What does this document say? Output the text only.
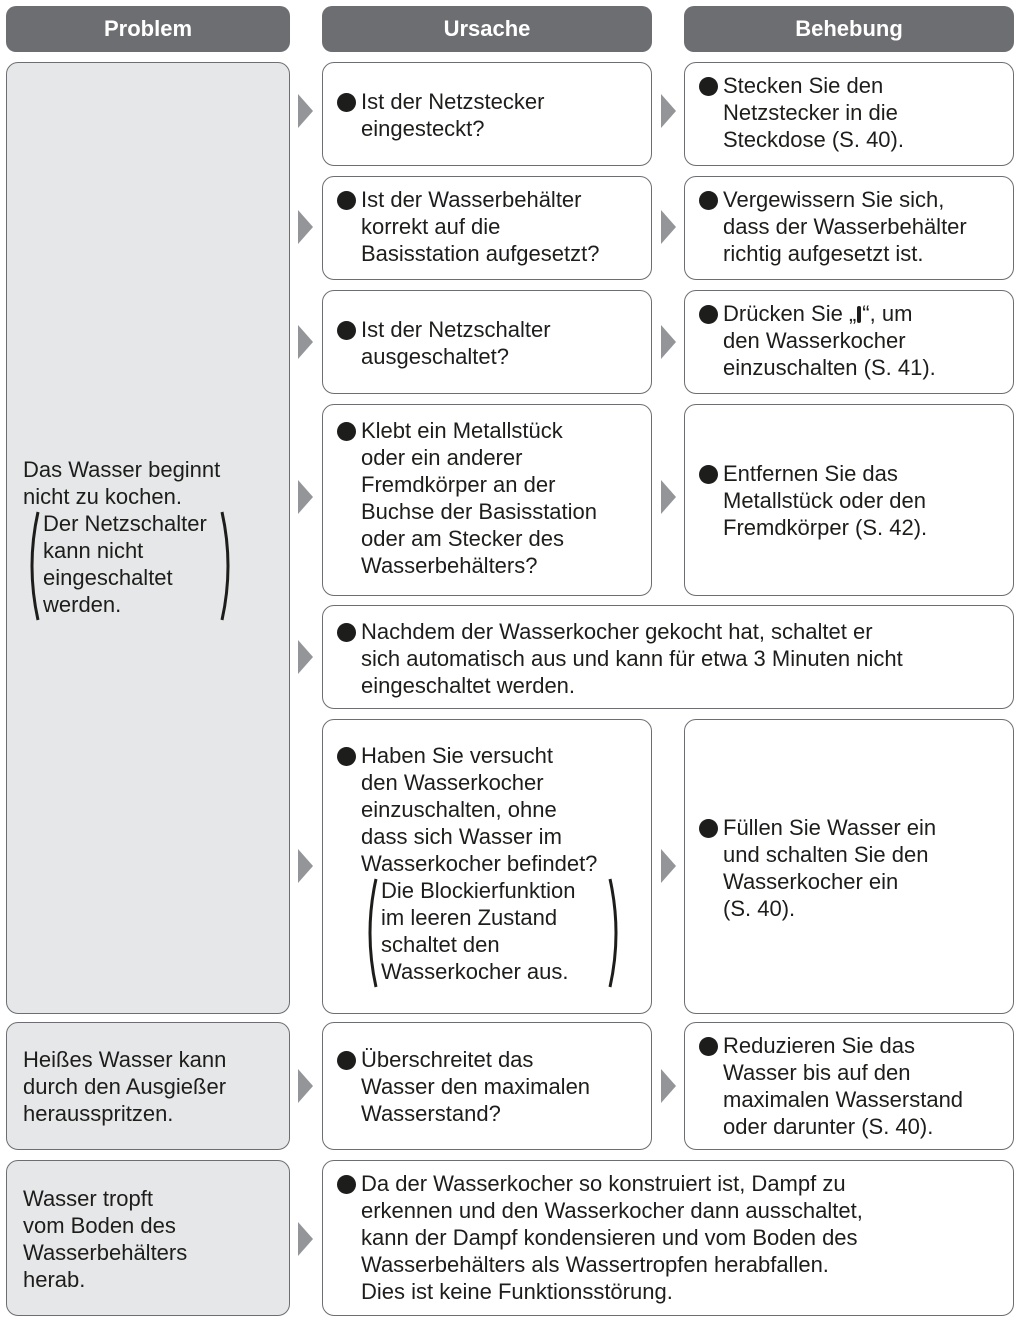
Problem	Ursache	Behebung
Das Wasser beginnt
nicht zu kochen.
Der Netzschalter
kann nicht
eingeschaltet
werden.
Heißes Wasser kann
durch den Ausgießer
herausspritzen.
Wasser tropft
vom Boden des
Wasserbehälters
herab.
Ist der Netzstecker
eingesteckt?
Stecken Sie den
Netzstecker in die
Steckdose (S. 40).
Ist der Wasserbehälter
korrekt auf die
Basisstation aufgesetzt?
Vergewissern Sie sich,
dass der Wasserbehälter
richtig aufgesetzt ist.
Ist der Netzschalter
ausgeschaltet?
Drücken Sie „ “, um
den Wasserkocher
einzuschalten (S. 41).
Klebt ein Metallstück
oder ein anderer
Fremdkörper an der
Buchse der Basisstation
oder am Stecker des
Wasserbehälters?
Entfernen Sie das
Metallstück oder den
Fremdkörper (S. 42).
Nachdem der Wasserkocher gekocht hat, schaltet er
sich automatisch aus und kann für etwa 3 Minuten nicht
eingeschaltet werden.
Haben Sie versucht
den Wasserkocher
einzuschalten, ohne
dass sich Wasser im
Wasserkocher befindet?
Die Blockierfunktion
im leeren Zustand
schaltet den
Wasserkocher aus.
Füllen Sie Wasser ein
und schalten Sie den
Wasserkocher ein
(S. 40).
Überschreitet das
Wasser den maximalen
Wasserstand?
Reduzieren Sie das
Wasser bis auf den
maximalen Wasserstand
oder darunter (S. 40).
Da der Wasserkocher so konstruiert ist, Dampf zu
erkennen und den Wasserkocher dann ausschaltet,
kann der Dampf kondensieren und vom Boden des
Wasserbehälters als Wassertropfen herabfallen.
Dies ist keine Funktionsstörung.
